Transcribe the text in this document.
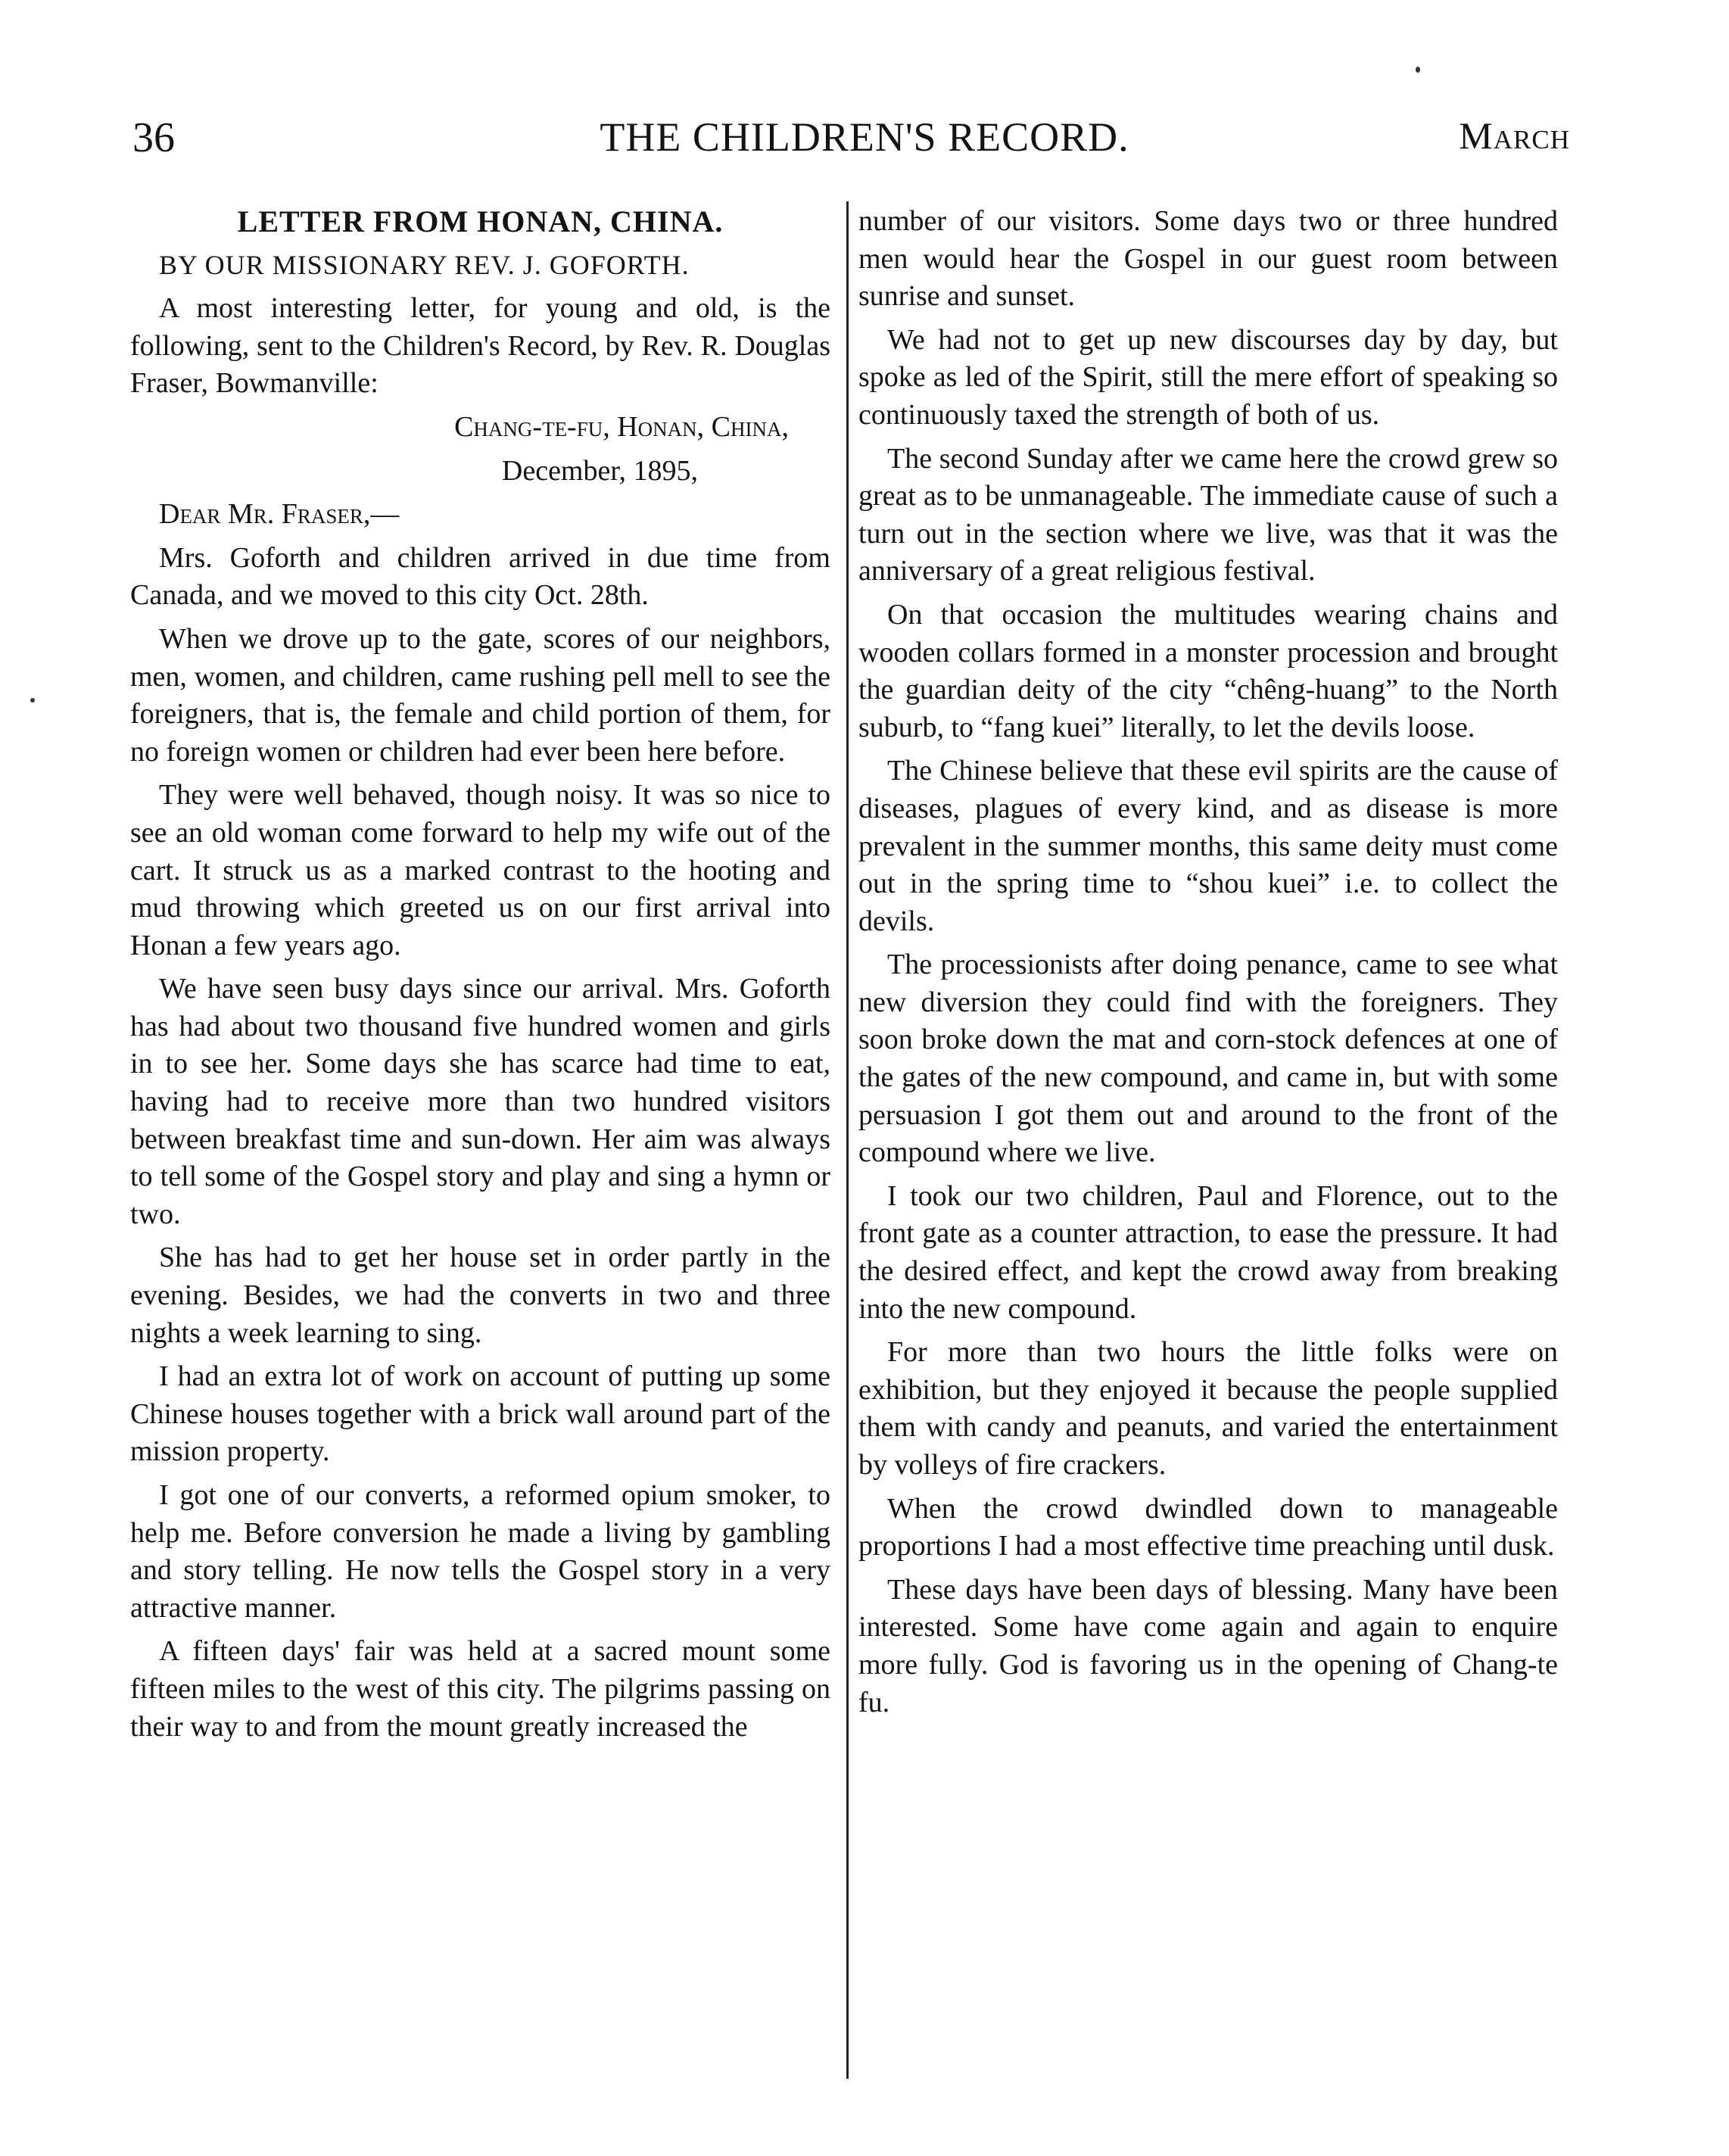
36	THE CHILDREN'S RECORD.	March

LETTER FROM HONAN, CHINA.

BY OUR MISSIONARY REV. J. GOFORTH.

A most interesting letter, for young and old, is the following, sent to the Children's Record, by Rev. R. Douglas Fraser, Bowmanville:

Chang-te-fu, Honan, China,

December, 1895,

Dear Mr. Fraser,—

Mrs. Goforth and children arrived in due time from Canada, and we moved to this city Oct. 28th.

When we drove up to the gate, scores of our neighbors, men, women, and children, came rushing pell mell to see the foreigners, that is, the female and child portion of them, for no foreign women or children had ever been here before.

They were well behaved, though noisy. It was so nice to see an old woman come forward to help my wife out of the cart. It struck us as a marked contrast to the hooting and mud throwing which greeted us on our first arrival into Honan a few years ago.

We have seen busy days since our arrival. Mrs. Goforth has had about two thousand five hundred women and girls in to see her. Some days she has scarce had time to eat, having had to receive more than two hundred visitors between breakfast time and sun-down. Her aim was always to tell some of the Gospel story and play and sing a hymn or two.

She has had to get her house set in order partly in the evening. Besides, we had the converts in two and three nights a week learning to sing.

I had an extra lot of work on account of putting up some Chinese houses together with a brick wall around part of the mission property.

I got one of our converts, a reformed opium smoker, to help me. Before conversion he made a living by gambling and story telling. He now tells the Gospel story in a very attractive manner.

A fifteen days' fair was held at a sacred mount some fifteen miles to the west of this city. The pilgrims passing on their way to and from the mount greatly increased the

number of our visitors. Some days two or three hundred men would hear the Gospel in our guest room between sunrise and sunset.

We had not to get up new discourses day by day, but spoke as led of the Spirit, still the mere effort of speaking so continuously taxed the strength of both of us.

The second Sunday after we came here the crowd grew so great as to be unmanageable. The immediate cause of such a turn out in the section where we live, was that it was the anniversary of a great religious festival.

On that occasion the multitudes wearing chains and wooden collars formed in a monster procession and brought the guardian deity of the city “chêng-huang” to the North suburb, to “fang kuei” literally, to let the devils loose.

The Chinese believe that these evil spirits are the cause of diseases, plagues of every kind, and as disease is more prevalent in the summer months, this same deity must come out in the spring time to “shou kuei” i.e. to collect the devils.

The processionists after doing penance, came to see what new diversion they could find with the foreigners. They soon broke down the mat and corn-stock defences at one of the gates of the new compound, and came in, but with some persuasion I got them out and around to the front of the compound where we live.

I took our two children, Paul and Florence, out to the front gate as a counter attraction, to ease the pressure. It had the desired effect, and kept the crowd away from breaking into the new compound.

For more than two hours the little folks were on exhibition, but they enjoyed it because the people supplied them with candy and peanuts, and varied the entertainment by volleys of fire crackers.

When the crowd dwindled down to manageable proportions I had a most effective time preaching until dusk.

These days have been days of blessing. Many have been interested. Some have come again and again to enquire more fully. God is favoring us in the opening of Chang-te fu.
